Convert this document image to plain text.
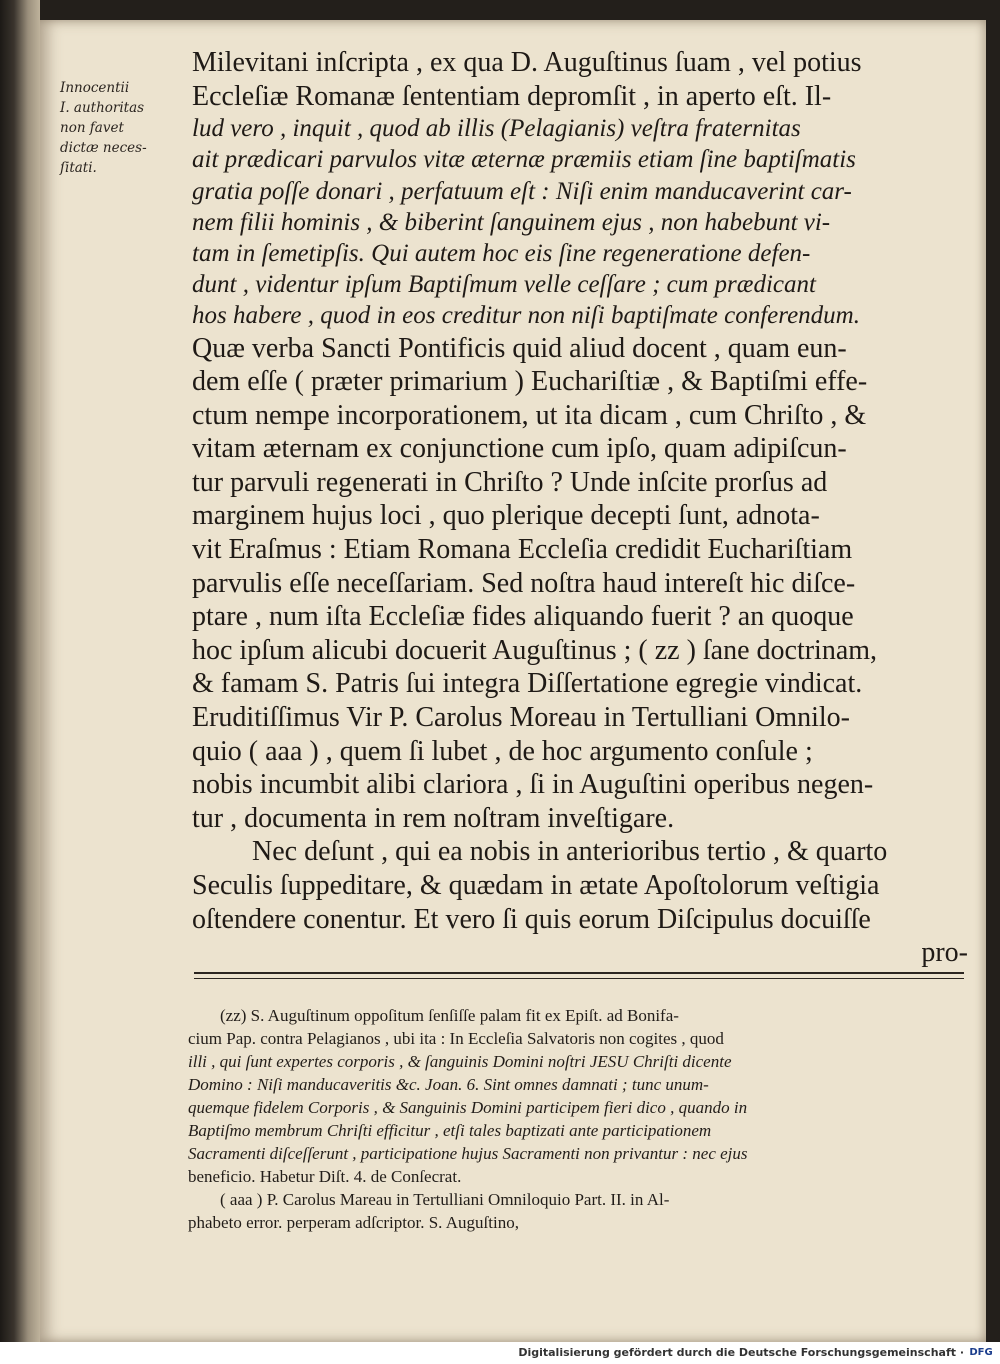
Innocentii
I. authoritas
non favet
dictæ neces-
ſitati.
Milevitani inſcripta , ex qua D. Auguſtinus ſuam , vel potius
Eccleſiæ Romanæ ſententiam depromſit , in aperto eſt. Il-
lud vero , inquit , quod ab illis (Pelagianis) veſtra fraternitas
ait prædicari parvulos vitæ æternæ præmiis etiam ſine baptiſmatis
gratia poſſe donari , perfatuum eſt : Niſi enim manducaverint car-
nem filii hominis , & biberint ſanguinem ejus , non habebunt vi-
tam in ſemetipſis. Qui autem hoc eis ſine regeneratione defen-
dunt , videntur ipſum Baptiſmum velle ceſſare ; cum prædicant
hos habere , quod in eos creditur non niſi baptiſmate conferendum.
Quæ verba Sancti Pontificis quid aliud docent , quam eun-
dem eſſe ( præter primarium ) Euchariſtiæ , & Baptiſmi effe-
ctum nempe incorporationem, ut ita dicam , cum Chriſto , &
vitam æternam ex conjunctione cum ipſo, quam adipiſcun-
tur parvuli regenerati in Chriſto ? Unde inſcite prorſus ad
marginem hujus loci , quo plerique decepti ſunt, adnota-
vit Eraſmus : Etiam Romana Eccleſia credidit Euchariſtiam
parvulis eſſe neceſſariam. Sed noſtra haud intereſt hic diſce-
ptare , num iſta Eccleſiæ fides aliquando fuerit ? an quoque
hoc ipſum alicubi docuerit Auguſtinus ; ( zz ) ſane doctrinam,
& famam S. Patris ſui integra Diſſertatione egregie vindicat.
Eruditiſſimus Vir P. Carolus Moreau in Tertulliani Omnilo-
quio ( aaa ) , quem ſi lubet , de hoc argumento conſule ;
nobis incumbit alibi clariora , ſi in Auguſtini operibus negen-
tur , documenta in rem noſtram inveſtigare.
Nec deſunt , qui ea nobis in anterioribus tertio , & quarto
Seculis ſuppeditare, & quædam in ætate Apoſtolorum veſtigia
oſtendere conentur. Et vero ſi quis eorum Diſcipulus docuiſſe
pro-
(zz) S. Auguſtinum oppoſitum ſenſiſſe palam fit ex Epiſt. ad Bonifa-
cium Pap. contra Pelagianos , ubi ita : In Eccleſia Salvatoris non cogites , quod
illi , qui ſunt expertes corporis , & ſanguinis Domini noſtri JESU Chriſti dicente
Domino : Niſi manducaveritis &c. Joan. 6. Sint omnes damnati ; tunc unum-
quemque fidelem Corporis , & Sanguinis Domini participem fieri dico , quando in
Baptiſmo membrum Chriſti efficitur , etſi tales baptizati ante participationem
Sacramenti diſceſſerunt , participatione hujus Sacramenti non privantur : nec ejus
beneficio. Habetur Diſt. 4. de Conſecrat.
( aaa ) P. Carolus Mareau in Tertulliani Omniloquio Part. II. in Al-
phabeto error. perperam adſcriptor. S. Auguſtino,
Digitalisierung gefördert durch die Deutsche Forschungsgemeinschaft · DFG
